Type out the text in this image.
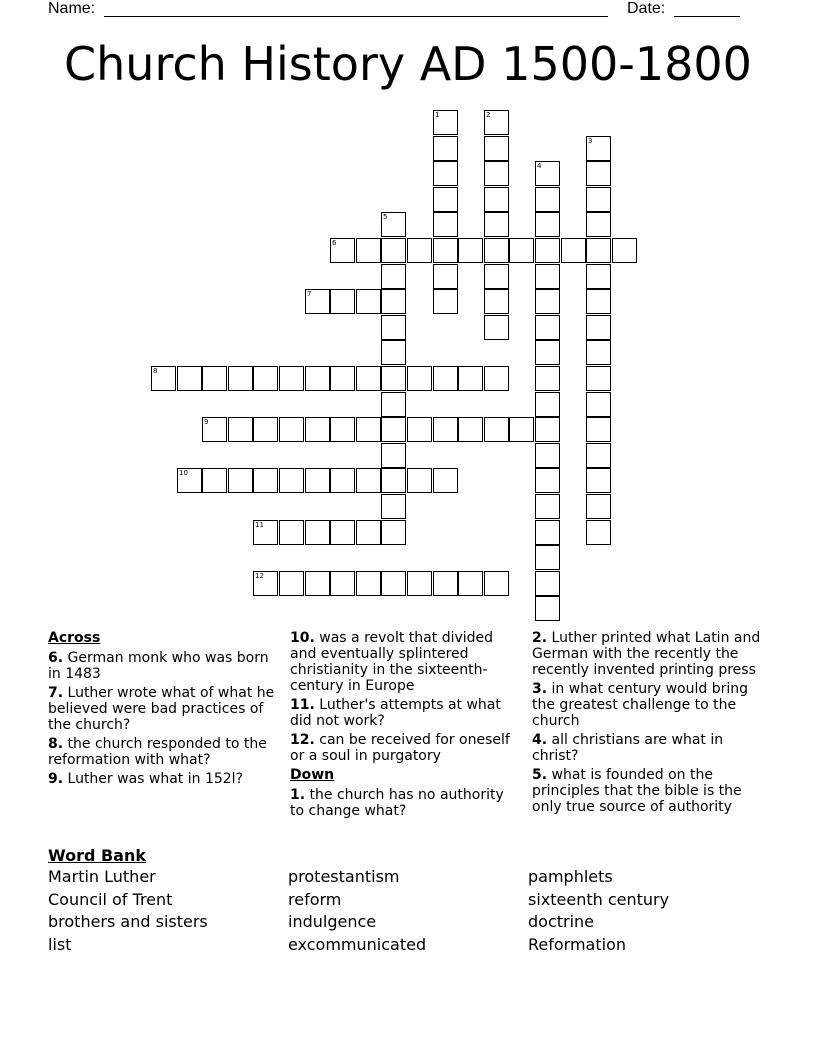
Name:	Date:
Church History AD 1500-1800
1	2
3
4
5
6
7
8
9
10
11
12
Across
6. German monk who was born in 1483
7. Luther wrote what of what he believed were bad practices of the church?
8. the church responded to the reformation with what?
9. Luther was what in 152l?
10. was a revolt that divided and eventually splintered christianity in the sixteenth-century in Europe
11. Luther's attempts at what did not work?
12. can be received for oneself or a soul in purgatory
Down
1. the church has no authority to change what?
2. Luther printed what Latin and German with the recently the recently invented printing press
3. in what century would bring the greatest challenge to the church
4. all christians are what in christ?
5. what is founded on the principles that the bible is the only true source of authority
Word Bank
Martin Luther
Council of Trent
brothers and sisters
list
protestantism
reform
indulgence
excommunicated
pamphlets
sixteenth century
doctrine
Reformation
